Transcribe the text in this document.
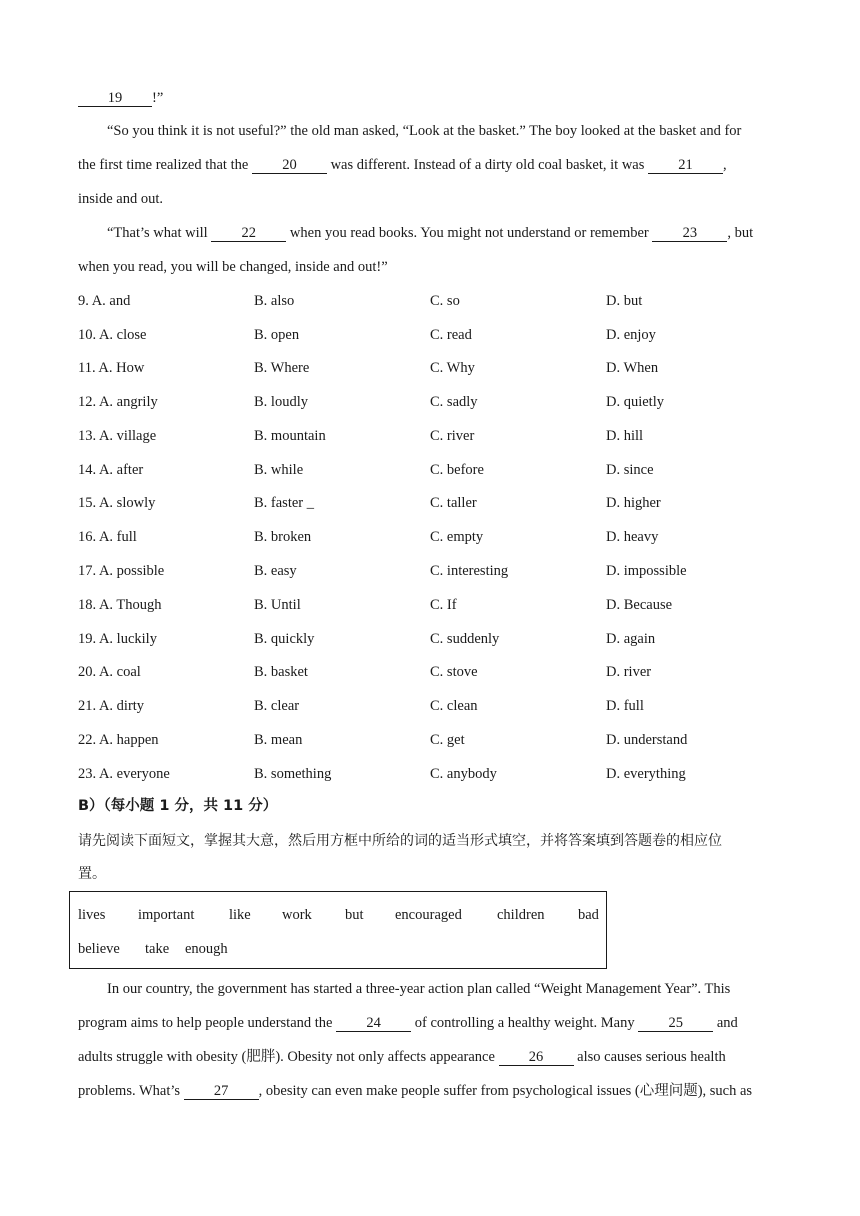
19 !”
“So you think it is not useful?” the old man asked, “Look at the basket.” The boy looked at the basket and for
the first time realized that the 20 was different. Instead of a dirty old coal basket, it was 21 ,
inside and out.
“That’s what will 22 when you read books. You might not understand or remember 23 , but
when you read, you will be changed, inside and out!”
9. A. and	B. also	C. so	D. but
10. A. close	B. open	C. read	D. enjoy
11. A. How	B. Where	C. Why	D. When
12. A. angrily	B. loudly	C. sadly	D. quietly
13. A. village	B. mountain	C. river	D. hill
14. A. after	B. while	C. before	D. since
15. A. slowly	B. faster _	C. taller	D. higher
16. A. full	B. broken	C. empty	D. heavy
17. A. possible	B. easy	C. interesting	D. impossible
18. A. Though	B. Until	C. If	D. Because
19. A. luckily	B. quickly	C. suddenly	D. again
20. A. coal	B. basket	C. stove	D. river
21. A. dirty	B. clear	C. clean	D. full
22. A. happen	B. mean	C. get	D. understand
23. A. everyone	B. something	C. anybody	D. everything
B）（每小题 1 分，共 11 分）
请先阅读下面短文，掌握其大意，然后用方框中所给的词的适当形式填空，并将答案填到答题卷的相应位
置。
lives important like work but encouraged children bad
believe take enough
In our country, the government has started a three-year action plan called “Weight Management Year”. This
program aims to help people understand the 24 of controlling a healthy weight. Many 25 and
adults struggle with obesity (肥胖). Obesity not only affects appearance 26 also causes serious health
problems. What’s 27 , obesity can even make people suffer from psychological issues (心理问题), such as
